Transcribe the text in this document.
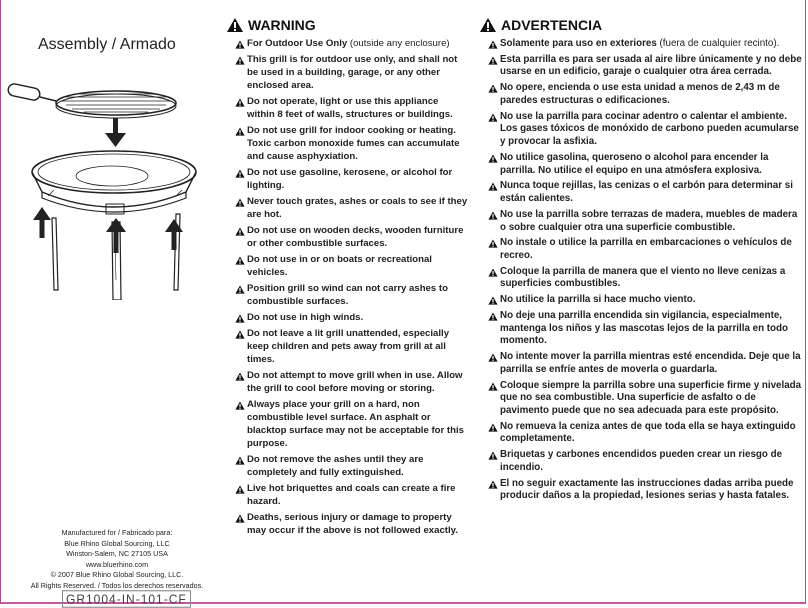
Assembly / Armado
Manufactured for / Fabricado para:
Blue Rhino Global Sourcing, LLC
Winston-Salem, NC 27105 USA
www.bluerhino.com
© 2007 Blue Rhino Global Sourcing, LLC.
All Rights Reserved. / Todos los derechos reservados.
GR1004-IN-101-CF
WARNING
For Outdoor Use Only (outside any enclosure)
This grill is for outdoor use only, and shall not be used in a building, garage, or any other enclosed area.
Do not operate, light or use this appliance within 8 feet of walls, structures or buildings.
Do not use grill for indoor cooking or heating. Toxic carbon monoxide fumes can accumulate and cause asphyxiation.
Do not use gasoline, kerosene, or alcohol for lighting.
Never touch grates, ashes or coals to see if they are hot.
Do not use on wooden decks, wooden furniture or other combustible surfaces.
Do not use in or on boats or recreational vehicles.
Position grill so wind can not carry ashes to combustible surfaces.
Do not use in high winds.
Do not leave a lit grill unattended, especially keep children and pets away from grill at all times.
Do not attempt to move grill when in use. Allow the grill to cool before moving or storing.
Always place your grill on a hard, non combustible level surface. An asphalt or blacktop surface may not be acceptable for this purpose.
Do not remove the ashes until they are completely and fully extinguished.
Live hot briquettes and coals can create a fire hazard.
Deaths, serious injury or damage to property may occur if the above is not followed exactly.
ADVERTENCIA
Solamente para uso en exteriores (fuera de cualquier recinto).
Esta parrilla es para ser usada al aire libre únicamente y no debe usarse en un edificio, garaje o cualquier otra área cerrada.
No opere, encienda o use esta unidad a menos de 2,43 m de paredes estructuras o edificaciones.
No use la parrilla para cocinar adentro o calentar el ambiente. Los gases tóxicos de monóxido de carbono pueden acumularse y provocar la asfixia.
No utilice gasolina, queroseno o alcohol para encender la parrilla. No utilice el equipo en una atmósfera explosiva.
Nunca toque rejillas, las cenizas o el carbón para determinar si están calientes.
No use la parrilla sobre terrazas de madera, muebles de madera o sobre cualquier otra una superficie combustible.
No instale o utilice la parrilla en embarcaciones o vehículos de recreo.
Coloque la parrilla de manera que el viento no lleve cenizas a superficies combustibles.
No utilice la parrilla si hace mucho viento.
No deje una parrilla encendida sin vigilancia, especialmente, mantenga los niños y las mascotas lejos de la parrilla en todo momento.
No intente mover la parrilla mientras esté encendida. Deje que la parrilla se enfríe antes de moverla o guardarla.
Coloque siempre la parrilla sobre una superficie firme y nivelada que no sea combustible. Una superficie de asfalto o de pavimento puede que no sea adecuada para este propósito.
No remueva la ceniza antes de que toda ella se haya extinguido completamente.
Briquetas y carbones encendidos pueden crear un riesgo de incendio.
El no seguir exactamente las instrucciones dadas arriba puede producir daños a la propiedad, lesiones serias y hasta fatales.
